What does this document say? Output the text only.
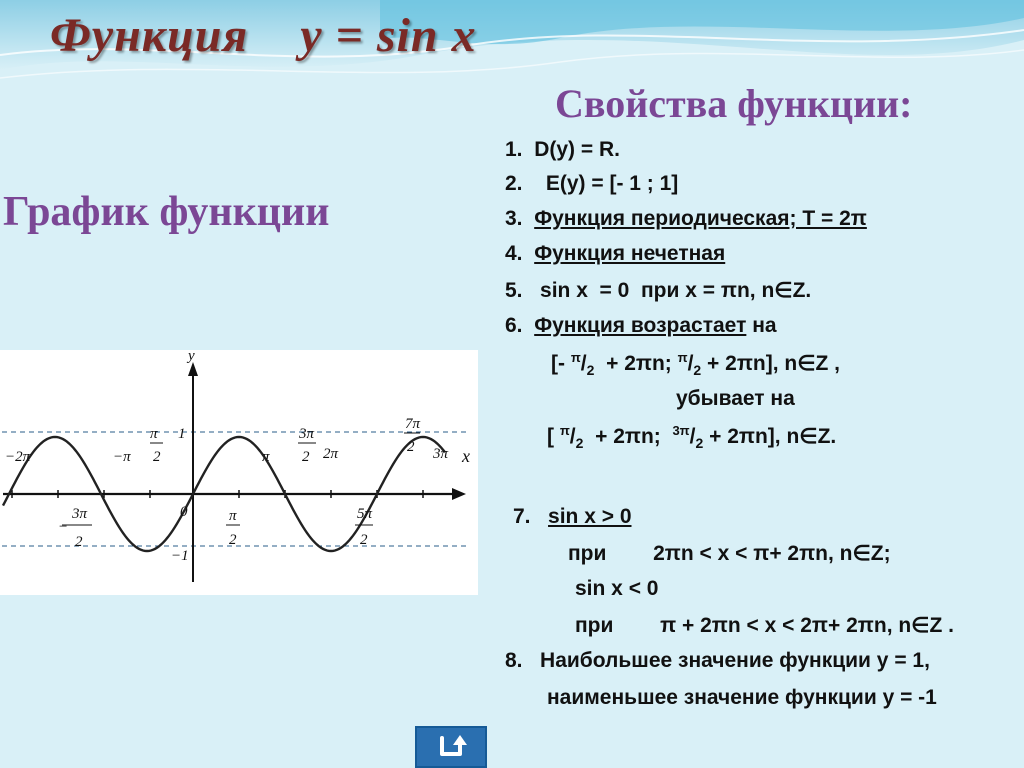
Функция    y = sin x
Свойства функции:
График функции
1. D(y) = R.
2. E(y) = [- 1 ; 1]
3. Функция периодическая; Т = 2π
4. Функция нечетная
5. sin x  = 0  при x = πn, n∈Z.
6. Функция возрастает на
[- $^\pi/_2 + 2\pi n$; $^\pi/_2 + 2\pi n$], n∈Z ,
убывает на
[ $^\pi/_2 + 2\pi n$;  $^{3\pi}/_2 + 2\pi n$], n∈Z.
7. sin x > 0
при 2πn < x < π+ 2πn, n∈Z;
sin x < 0
при π + 2πn < x < 2π+ 2πn, n∈Z .
8. Наибольшее значение функции y = 1,
наименьшее значение функции y = -1
y
x
−2π	−π
π
2
1
π
3π
2 2π
7π
2 3π
3π
−
2
0	π
2
5π
2
−1
